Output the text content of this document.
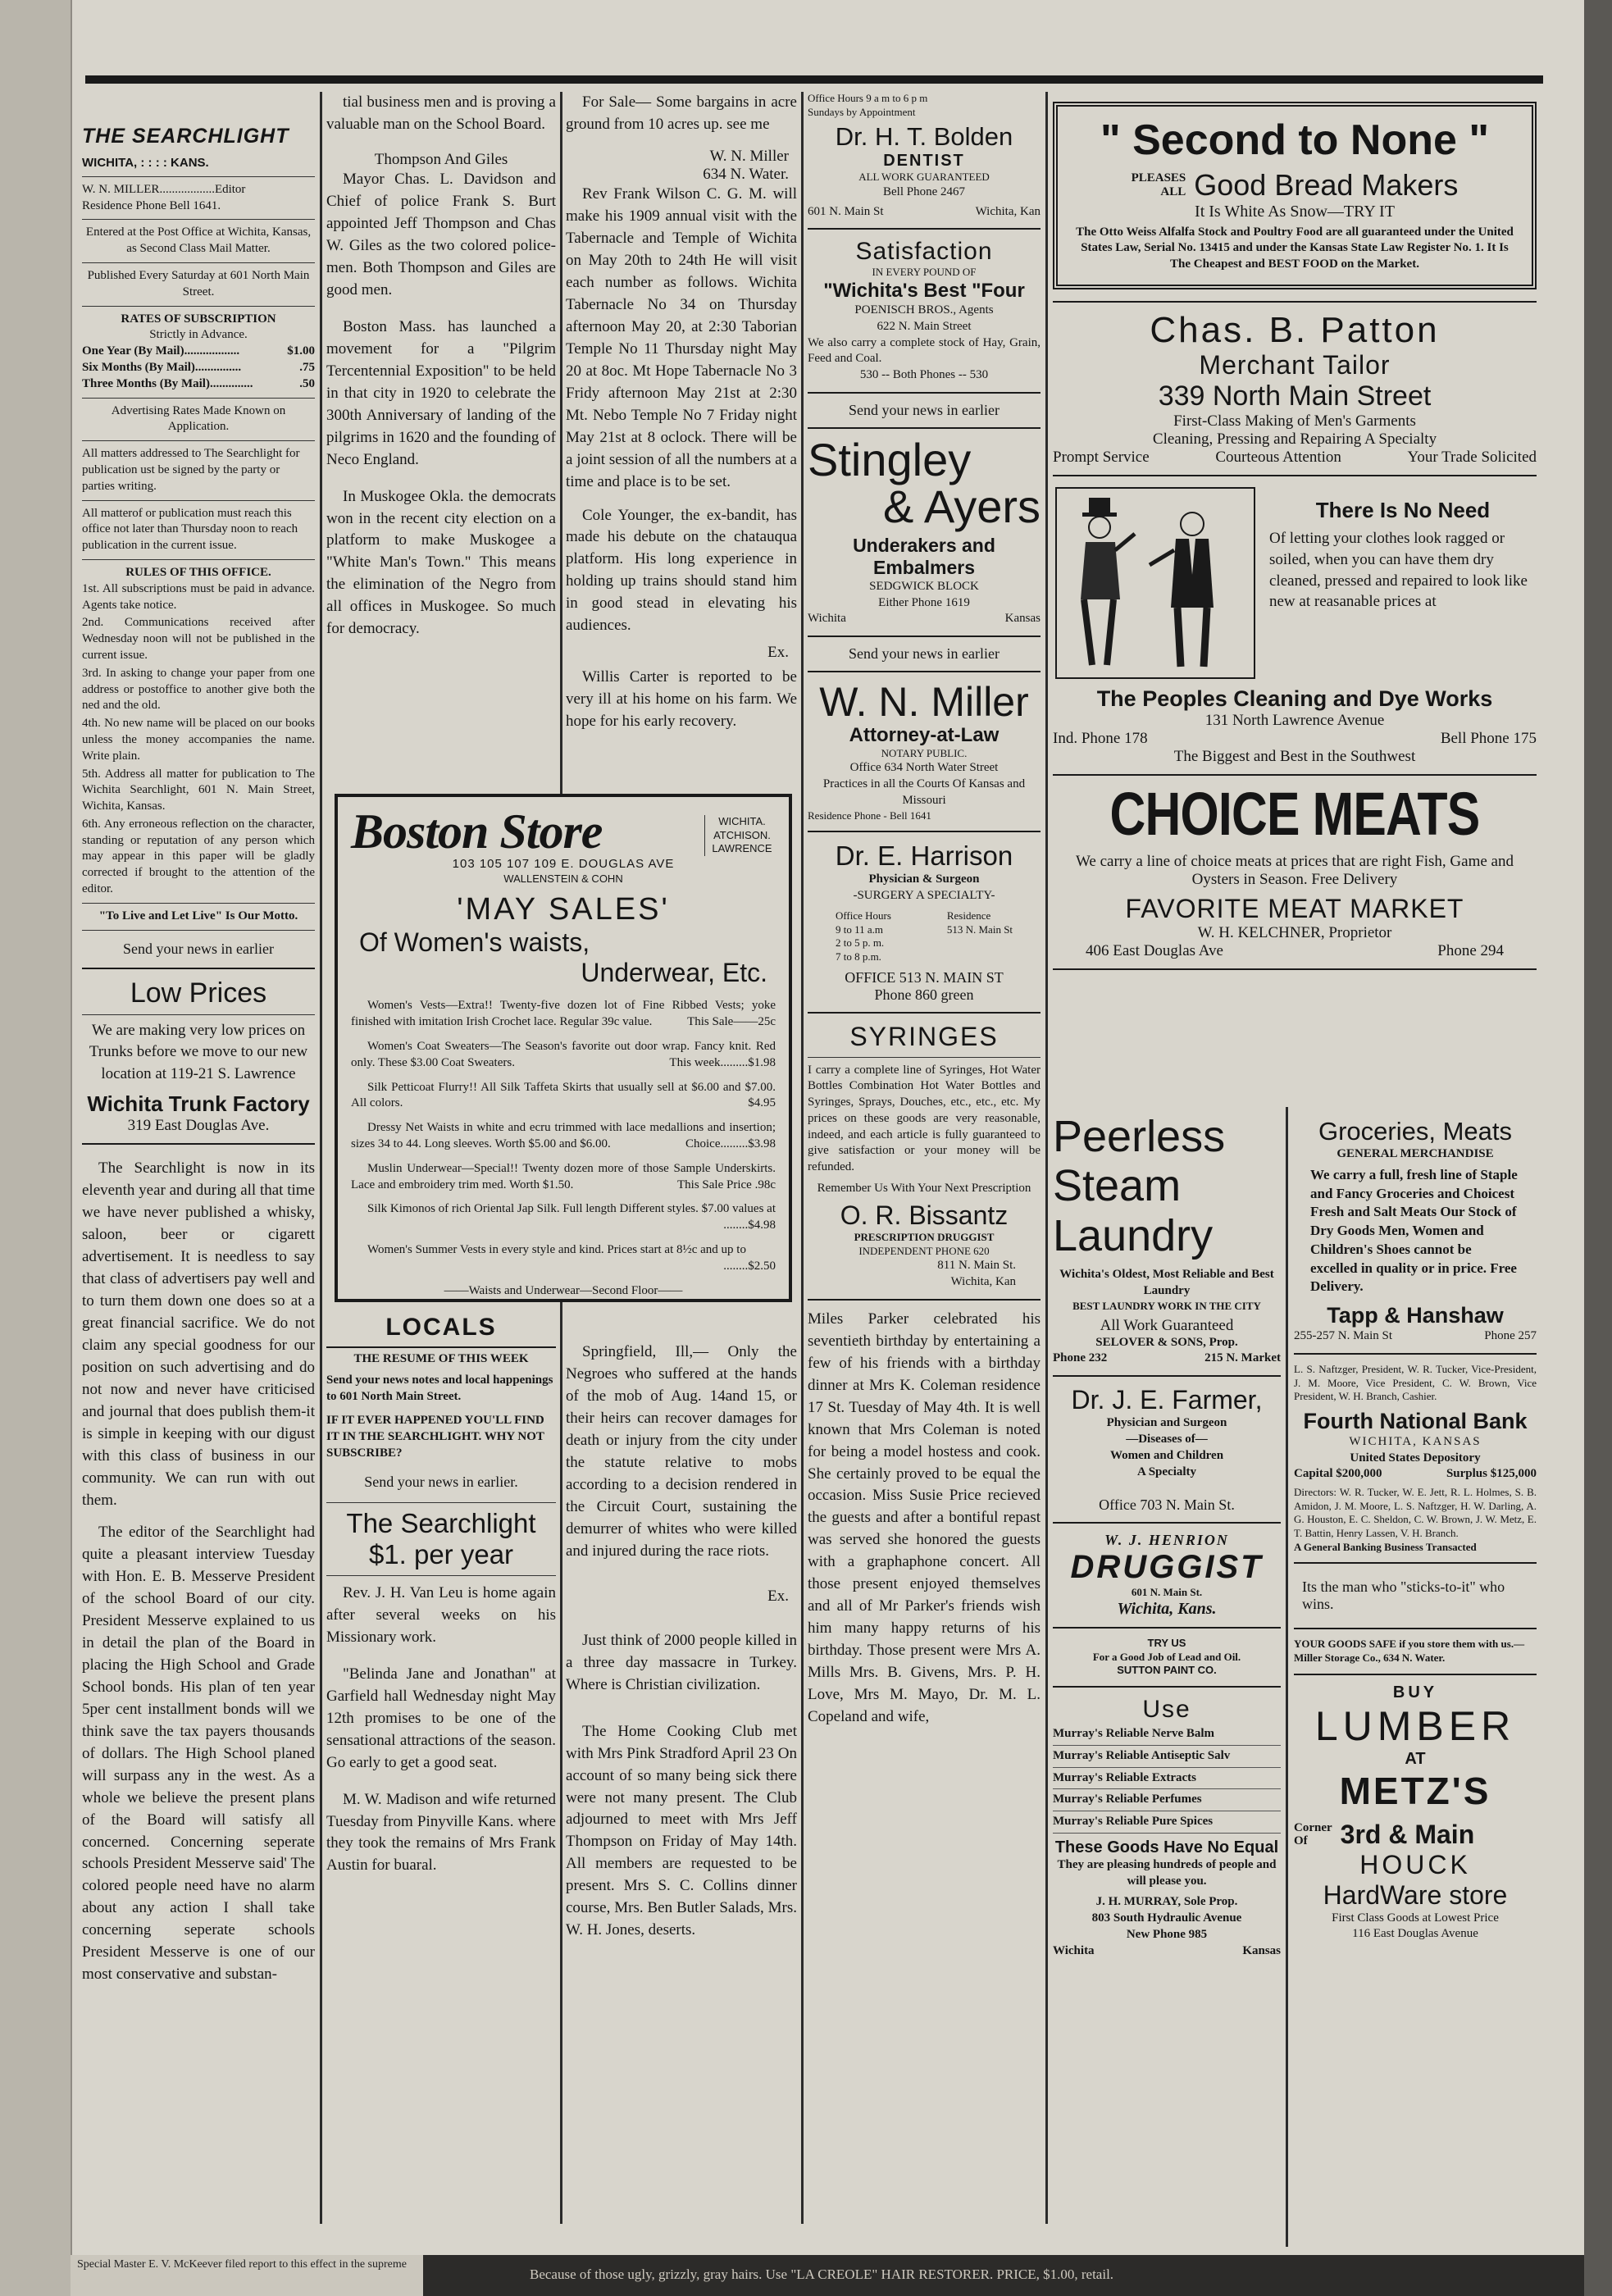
THE SEARCHLIGHT
WICHITA, : : : : KANS.
W. N. MILLER..................Editor
Residence Phone Bell 1641.
Entered at the Post Office at Wichita, Kansas, as Second Class Mail Matter.
Published Every Saturday at 601 North Main Street.
RATES OF SUBSCRIPTION
Strictly in Advance.
One Year (By Mail)..................	$1.00
Six Months (By Mail)...............	.75
Three Months (By Mail)..............	.50
Advertising Rates Made Known on Application.
All matters addressed to The Searchlight for publication ust be signed by the party or parties writing.
All matterof or publication must reach this office not later than Thursday noon to reach publication in the current issue.
RULES OF THIS OFFICE.
1st. All subscriptions must be paid in advance. Agents take notice.
2nd. Communications received after Wednesday noon will not be published in the current issue.
3rd. In asking to change your paper from one address or postoffice to another give both the ned and the old.
4th. No new name will be placed on our books unless the money accompanies the name. Write plain.
5th. Address all matter for publication to The Wichita Searchlight, 601 N. Main Street, Wichita, Kansas.
6th. Any erroneous reflection on the character, standing or reputation of any person which may appear in this paper will be gladly corrected if brought to the attention of the editor.
"To Live and Let Live" Is Our Motto.
Send your news in earlier
Low Prices
We are making very low prices on Trunks before we move to our new location at 119-21 S. Lawrence
Wichita Trunk Factory
319 East Douglas Ave.

The Searchlight is now in its eleventh year and during all that time we have never published a whisky, saloon, beer or cigarett advertisement. It is needless to say that class of advertisers pay well and to turn them down one does so at a great financial sacrifice. We do not claim any special goodness for our position on such advertising and do not now and never have criticised and journal that does publish them-it is simple in keeping with our digust with this class of business in our community. We can run with out them.

The editor of the Searchlight had quite a pleasant interview Tuesday with Hon. E. B. Messerve President of the school Board of our city. President Messerve explained to us in detail the plan of the Board in placing the High School and Grade School bonds. His plan of ten year 5per cent installment bonds will we think save the tax payers thousands of dollars. The High School planed will surpass any in the west. As a whole we believe the present plans of the Board will satisfy all concerned. Concerning seperate schools President Messerve said' The colored people need have no alarm about any action I shall take concerning seperate schools President Messerve is one of our most conservative and substan-

tial business men and is proving a valuable man on the School Board.

Thompson And Giles

Mayor Chas. L. Davidson and Chief of police Frank S. Burt appointed Jeff Thompson and Chas W. Giles as the two colored police-men. Both Thompson and Giles are good men.

Boston Mass. has launched a movement for a "Pilgrim Tercentennial Exposition" to be held in that city in 1920 to celebrate the 300th Anniversary of landing of the pilgrims in 1620 and the founding of Neco England.

In Muskogee Okla. the democrats won in the recent city election on a platform to make Muskogee a "White Man's Town." This means the elimination of the Negro from all offices in Muskogee. So much for democracy.

For Sale— Some bargains in acre ground from 10 acres up. see me

W. N. Miller

634 N. Water.

Rev Frank Wilson C. G. M. will make his 1909 annual visit with the Tabernacle and Temple of Wichita on May 20th to 24th He will visit each number as follows. Wichita Tabernacle No 34 on Thursday afternoon May 20, at 2:30 Taborian Temple No 11 Thursday night May 20 at 8oc. Mt Hope Tabernacle No 3 Fridy afternoon May 21st at 2:30 Mt. Nebo Temple No 7 Friday night May 21st at 8 oclock. There will be a joint session of all the numbers at a time and place is to be set.

Cole Younger, the ex-bandit, has made his debute on the chatauqua platform. His long experience in holding up trains should stand him in good stead in elevating his audiences.

Ex.

Willis Carter is reported to be very ill at his home on his farm. We hope for his early recovery.

Boston Store	WICHITA. ATCHISON. LAWRENCE
103 105 107 109 E. DOUGLAS AVE
WALLENSTEIN & COHN
'MAY SALES'
Of Women's waists,
Underwear, Etc.
Women's Vests—Extra!! Twenty-five dozen lot of Fine Ribbed Vests; yoke finished with imitation Irish Crochet lace. Regular 39c value.	This Sale——25c
Women's Coat Sweaters—The Season's favorite out door wrap. Fancy knit. Red only. These $3.00 Coat Sweaters.	This week.........$1.98
Silk Petticoat Flurry!! All Silk Taffeta Skirts that usually sell at $6.00 and $7.00. All colors.	$4.95
Dressy Net Waists in white and ecru trimmed with lace medallions and insertion; sizes 34 to 44. Long sleeves. Worth $5.00 and $6.00.	Choice.........$3.98
Muslin Underwear—Special!! Twenty dozen more of those Sample Underskirts. Lace and embroidery trim med. Worth $1.50.	This Sale Price .98c
Silk Kimonos of rich Oriental Jap Silk. Full length Different styles. $7.00 values at
........$4.98
Women's Summer Vests in every style and kind. Prices start at 8½c and up to
........$2.50
——Waists and Underwear—Second Floor——
LOCALS
THE RESUME OF THIS WEEK
Send your news notes and local happenings to 601 North Main Street.
IF IT EVER HAPPENED YOU'LL FIND IT IN THE SEARCHLIGHT. WHY NOT SUBSCRIBE?
Send your news in earlier.
The Searchlight
$1. per year

Rev. J. H. Van Leu is home again after several weeks on his Missionary work.

"Belinda Jane and Jonathan" at Garfield hall Wednesday night May 12th promises to be one of the sensational attractions of the season. Go early to get a good seat.

M. W. Madison and wife returned Tuesday from Pinyville Kans. where they took the remains of Mrs Frank Austin for buaral.

Springfield, Ill,— Only the Negroes who suffered at the hands of the mob of Aug. 14and 15, or their heirs can recover damages for death or injury from the city under the statute relative to mobs according to a decision rendered in the Circuit Court, sustaining the demurrer of whites who were killed and injured during the race riots.

Ex.

Just think of 2000 people killed in a three day massacre in Turkey. Where is Christian civilization.

The Home Cooking Club met with Mrs Pink Stradford April 23 On account of so many being sick there were not many present. The Club adjourned to meet with Mrs Jeff Thompson on Friday of May 14th. All members are requested to be present. Mrs S. C. Collins dinner course, Mrs. Ben Butler Salads, Mrs. W. H. Jones, deserts.

Office Hours 9 a m to 6 p m
Sundays by Appointment
Dr. H. T. Bolden
DENTIST
ALL WORK GUARANTEED
Bell Phone 2467
601 N. Main St	Wichita, Kan
Satisfaction
IN EVERY POUND OF
"Wichita's Best "Four
POENISCH BROS., Agents
622 N. Main Street
We also carry a complete stock of Hay, Grain, Feed and Coal.
530 -- Both Phones -- 530
Send your news in earlier
Stingley
& Ayers
Underakers and Embalmers
SEDGWICK BLOCK
Either Phone 1619
Wichita	Kansas
Send your news in earlier
W. N. Miller
Attorney-at-Law
NOTARY PUBLIC.
Office 634 North Water Street
Practices in all the Courts Of Kansas and Missouri
Residence Phone - Bell 1641
Dr. E. Harrison
Physician & Surgeon
-SURGERY A SPECIALTY-
Office Hours
9 to 11 a.m
2 to 5 p. m.
7 to 8 p.m.
Residence
513 N. Main St
OFFICE 513 N. MAIN ST
Phone 860 green
SYRINGES
I carry a complete line of Syringes, Hot Water Bottles Combination Hot Water Bottles and Syringes, Sprays, Douches, etc., etc., etc. My prices on these goods are very reasonable, indeed, and each article is fully guaranteed to give satisfaction or your money will be refunded.
Remember Us With Your Next Prescription
O. R. Bissantz
PRESCRIPTION DRUGGIST
INDEPENDENT PHONE 620
811 N. Main St.
Wichita, Kan
Miles Parker celebrated his seventieth birthday by entertaining a few of his friends with a birthday dinner at Mrs K. Coleman residence 17 St. Tuesday of May 4th. It is well known that Mrs Coleman is noted for being a model hostess and cook. She certainly proved to be equal the occasion. Miss Susie Price recieved the guests and after a bontiful repast was served she honored the guests with a graphaphone concert. All those present enjoyed themselves and all of Mr Parker's friends wish him many happy returns of his birthday. Those present were Mrs A. Mills Mrs. B. Givens, Mrs. P. H. Love, Mrs M. Mayo, Dr. M. L. Copeland and wife,
" Second to None "
PLEASES
ALL Good Bread Makers
It Is White As Snow—TRY IT
The Otto Weiss Alfalfa Stock and Poultry Food are all guaranteed under the United States Law, Serial No. 13415 and under the Kansas State Law Register No. 1. It Is The Cheapest and BEST FOOD on the Market.
Chas. B. Patton
Merchant Tailor
339 North Main Street
First-Class Making of Men's Garments
Cleaning, Pressing and Repairing A Specialty
Prompt Service	Courteous Attention	Your Trade Solicited
There Is No Need
Of letting your clothes look ragged or soiled, when you can have them dry cleaned, pressed and repaired to look like new at reasanable prices at
The Peoples Cleaning and Dye Works
131 North Lawrence Avenue
Ind. Phone 178	Bell Phone 175
The Biggest and Best in the Southwest
CHOICE MEATS
We carry a line of choice meats at prices that are right Fish, Game and Oysters in Season. Free Delivery
FAVORITE MEAT MARKET
W. H. KELCHNER, Proprietor
406 East Douglas Ave	Phone 294
Peerless
Steam
Laundry
Wichita's Oldest, Most Reliable and Best Laundry
BEST LAUNDRY WORK IN THE CITY
All Work Guaranteed
SELOVER & SONS, Prop.
Phone 232	215 N. Market
Dr. J. E. Farmer,
Physician and Surgeon
—Diseases of—
Women and Children
A Specialty
Office 703 N. Main St.
W. J. HENRION
DRUGGIST
601 N. Main St.
Wichita, Kans.
TRY US
For a Good Job of Lead and Oil.
SUTTON PAINT CO.
Use
Murray's Reliable Nerve Balm
Murray's Reliable Antiseptic Salv
Murray's Reliable Extracts
Murray's Reliable Perfumes
Murray's Reliable Pure Spices
These Goods Have No Equal
They are pleasing hundreds of people and will please you.
J. H. MURRAY, Sole Prop.
803 South Hydraulic Avenue
New Phone 985
Wichita	Kansas
Groceries, Meats
GENERAL MERCHANDISE
We carry a full, fresh line of Staple and Fancy Groceries and Choicest Fresh and Salt Meats Our Stock of Dry Goods Men, Women and Children's Shoes cannot be excelled in quality or in price. Free Delivery.
Tapp & Hanshaw
255-257 N. Main St	Phone 257
L. S. Naftzger, President, W. R. Tucker, Vice-President, J. M. Moore, Vice President, C. W. Brown, Vice President, W. H. Branch, Cashier.
Fourth National Bank
WICHITA, KANSAS
United States Depository
Capital $200,000	Surplus $125,000
Directors: W. R. Tucker, W. E. Jett, R. L. Holmes, S. B. Amidon, J. M. Moore, L. S. Naftzger, H. W. Darling, A. G. Houston, E. C. Sheldon, C. W. Brown, J. W. Metz, E. T. Battin, Henry Lassen, V. H. Branch.
A General Banking Business Transacted
Its the man who "sticks-to-it" who wins.
YOUR GOODS SAFE if you store them with us.—Miller Storage Co., 634 N. Water.
BUY
LUMBER
AT
METZ'S
Corner
Of	3rd & Main
HOUCK
HardWare store
First Class Goods at Lowest Price
116 East Douglas Avenue
Special Master E. V. McKeever filed report to this effect in the supreme
Because of those ugly, grizzly, gray hairs. Use "LA CREOLE" HAIR RESTORER. PRICE, $1.00, retail.
